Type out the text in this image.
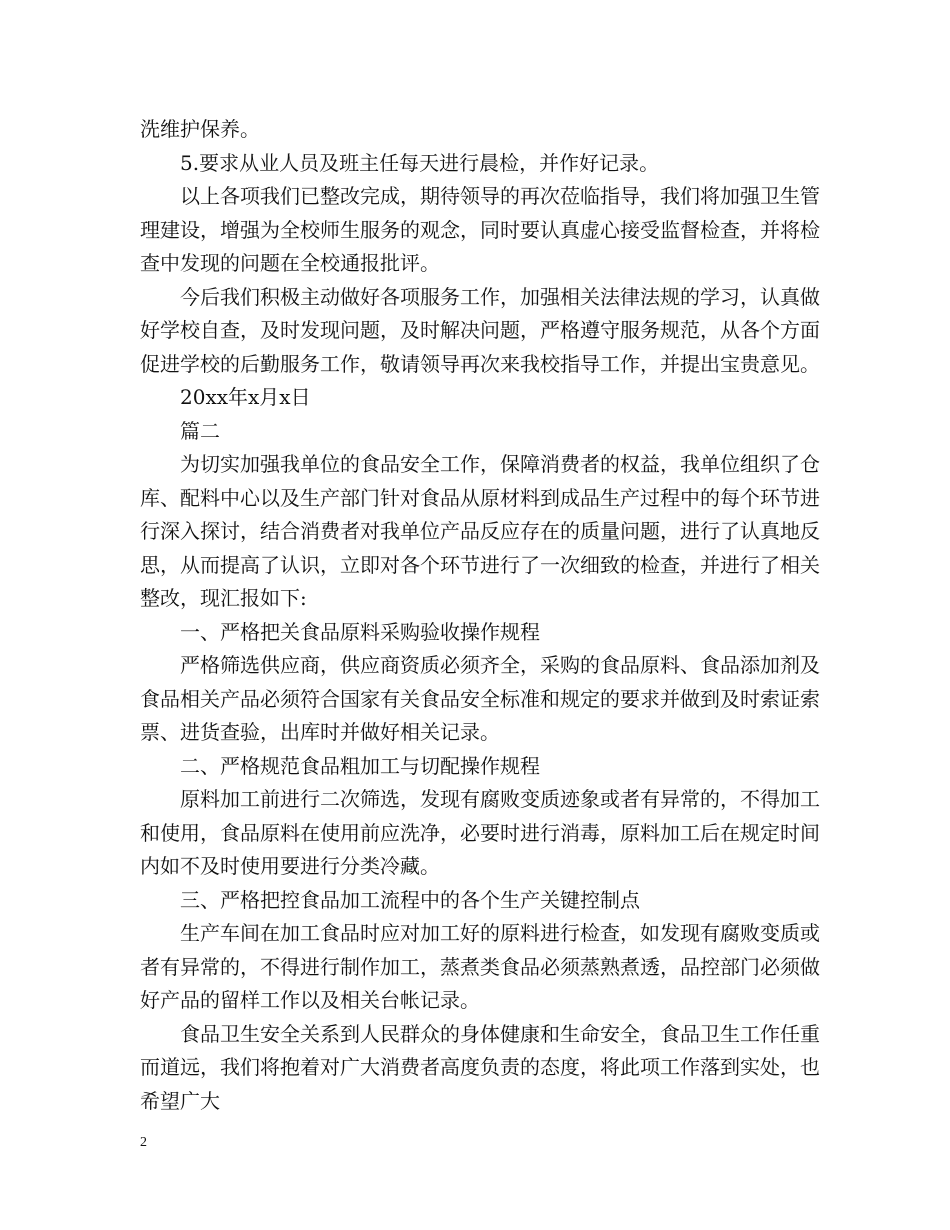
洗维护保养。

5.要求从业人员及班主任每天进行晨检，并作好记录。

以上各项我们已整改完成，期待领导的再次莅临指导，我们将加强卫生管理建设，增强为全校师生服务的观念，同时要认真虚心接受监督检查，并将检查中发现的问题在全校通报批评。

今后我们积极主动做好各项服务工作，加强相关法律法规的学习，认真做好学校自查，及时发现问题，及时解决问题，严格遵守服务规范，从各个方面促进学校的后勤服务工作，敬请领导再次来我校指导工作，并提出宝贵意见。

20xx年x月x日

篇二

为切实加强我单位的食品安全工作，保障消费者的权益，我单位组织了仓库、配料中心以及生产部门针对食品从原材料到成品生产过程中的每个环节进行深入探讨，结合消费者对我单位产品反应存在的质量问题，进行了认真地反思，从而提高了认识，立即对各个环节进行了一次细致的检查，并进行了相关整改，现汇报如下:

一、严格把关食品原料采购验收操作规程

严格筛选供应商，供应商资质必须齐全，采购的食品原料、食品添加剂及食品相关产品必须符合国家有关食品安全标准和规定的要求并做到及时索证索票、进货查验，出库时并做好相关记录。

二、严格规范食品粗加工与切配操作规程

原料加工前进行二次筛选，发现有腐败变质迹象或者有异常的，不得加工和使用，食品原料在使用前应洗净，必要时进行消毒，原料加工后在规定时间内如不及时使用要进行分类冷藏。

三、严格把控食品加工流程中的各个生产关键控制点

生产车间在加工食品时应对加工好的原料进行检查，如发现有腐败变质或者有异常的，不得进行制作加工，蒸煮类食品必须蒸熟煮透，品控部门必须做好产品的留样工作以及相关台帐记录。

食品卫生安全关系到人民群众的身体健康和生命安全，食品卫生工作任重而道远，我们将抱着对广大消费者高度负责的态度，将此项工作落到实处，也希望广大

2
